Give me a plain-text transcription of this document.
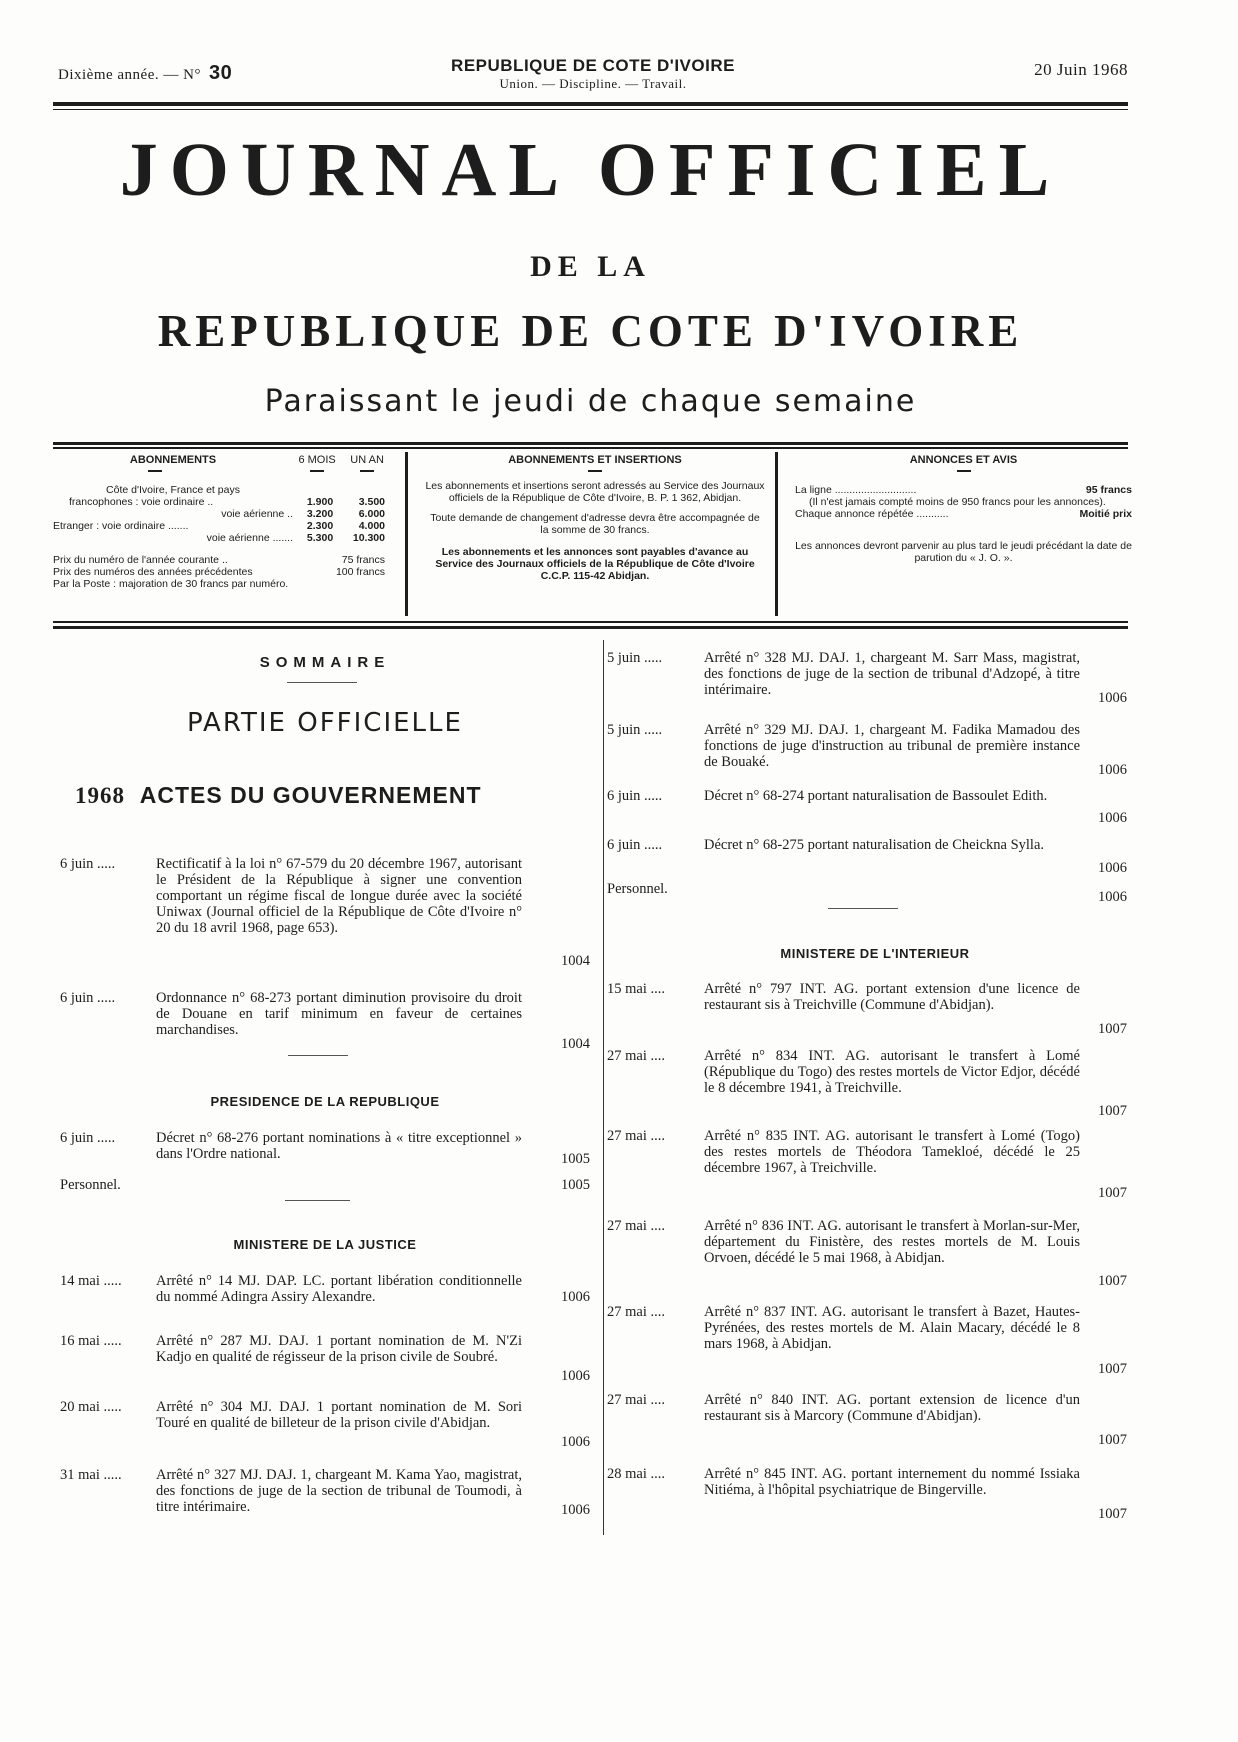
Dixième année. — N° 30	REPUBLIQUE DE COTE D'IVOIRE
Union. — Discipline. — Travail.
20 Juin 1968
JOURNAL OFFICIEL
DE LA
REPUBLIQUE DE COTE D'IVOIRE
Paraissant le jeudi de chaque semaine
ABONNEMENTS	6 MOIS	UN AN

Côte d'Ivoire, France et pays		
francophones : voie ordinaire ..	1.900	3.500
voie aérienne ..	3.200	6.000
Etranger : voie ordinaire .......	2.300	4.000
voie aérienne .......	5.300	10.300
Prix du numéro de l'année courante ..	75 francs
Prix des numéros des années précédentes	100 francs
Par la Poste : majoration de 30 francs par numéro.
ABONNEMENTS ET INSERTIONS
Les abonnements et insertions seront adressés au Service des Journaux officiels de la République de Côte d'Ivoire, B. P. 1 362, Abidjan.
Toute demande de changement d'adresse devra être accompagnée de la somme de 30 francs.
Les abonnements et les annonces sont payables d'avance au Service des Journaux officiels de la République de Côte d'Ivoire C.C.P. 115-42 Abidjan.
ANNONCES ET AVIS
La ligne ............................	95 francs
(Il n'est jamais compté moins de 950 francs pour les annonces).
Chaque annonce répétée ...........	Moitié prix
Les annonces devront parvenir au plus tard le jeudi précédant la date de parution du « J. O. ».
SOMMAIRE
PARTIE OFFICIELLE
1968 ACTES DU GOUVERNEMENT
PRESIDENCE DE LA REPUBLIQUE
MINISTERE DE LA JUSTICE
MINISTERE DE L'INTERIEUR
6 juin .....	Rectificatif à la loi n° 67-579 du 20 décembre 1967, autorisant le Président de la République à signer une convention comportant un régime fiscal de longue durée avec la société Uniwax (Journal officiel de la République de Côte d'Ivoire n° 20 du 18 avril 1968, page 653).
1004
6 juin .....	Ordonnance n° 68-273 portant diminution provisoire du droit de Douane en tarif minimum en faveur de certaines marchandises.
1004
6 juin .....	Décret n° 68-276 portant nominations à « titre exceptionnel » dans l'Ordre national.	1005
Personnel.	1005
14 mai ..... Arrêté n° 14 MJ. DAP. LC. portant libération conditionnelle du nommé Adingra Assiry Alexandre.	1006
16 mai ..... Arrêté n° 287 MJ. DAJ. 1 portant nomination de M. N'Zi Kadjo en qualité de régisseur de la prison civile de Soubré.
1006
20 mai ..... Arrêté n° 304 MJ. DAJ. 1 portant nomination de M. Sori Touré en qualité de billeteur de la prison civile d'Abidjan.
1006
31 mai ..... Arrêté n° 327 MJ. DAJ. 1, chargeant M. Kama Yao, magistrat, des fonctions de juge de la section de tribunal de Toumodi, à titre intérimaire.	1006
5 juin .....	Arrêté n° 328 MJ. DAJ. 1, chargeant M. Sarr Mass, magistrat, des fonctions de juge de la section de tribunal d'Adzopé, à titre intérimaire.	1006
5 juin .....	Arrêté n° 329 MJ. DAJ. 1, chargeant M. Fadika Mamadou des fonctions de juge d'instruction au tribunal de première instance de Bouaké.	1006
6 juin .....	Décret n° 68-274 portant naturalisation de Bassoulet Edith.
1006
6 juin .....	Décret n° 68-275 portant naturalisation de Cheickna Sylla.
1006
Personnel.	1006
15 mai ....	Arrêté n° 797 INT. AG. portant extension d'une licence de restaurant sis à Treichville (Commune d'Abidjan).
1007
27 mai ....	Arrêté n° 834 INT. AG. autorisant le transfert à Lomé (République du Togo) des restes mortels de Victor Edjor, décédé le 8 décembre 1941, à Treichville.
1007
27 mai ....	Arrêté n° 835 INT. AG. autorisant le transfert à Lomé (Togo) des restes mortels de Théodora Tamekloé, décédé le 25 décembre 1967, à Treichville.
1007
27 mai ....	Arrêté n° 836 INT. AG. autorisant le transfert à Morlan-sur-Mer, département du Finistère, des restes mortels de M. Louis Orvoen, décédé le 5 mai 1968, à Abidjan.
1007
27 mai ....	Arrêté n° 837 INT. AG. autorisant le transfert à Bazet, Hautes-Pyrénées, des restes mortels de M. Alain Macary, décédé le 8 mars 1968, à Abidjan.
1007
27 mai ....	Arrêté n° 840 INT. AG. portant extension de licence d'un restaurant sis à Marcory (Commune d'Abidjan).
1007
28 mai ....	Arrêté n° 845 INT. AG. portant internement du nommé Issiaka Nitiéma, à l'hôpital psychiatrique de Bingerville.
1007
